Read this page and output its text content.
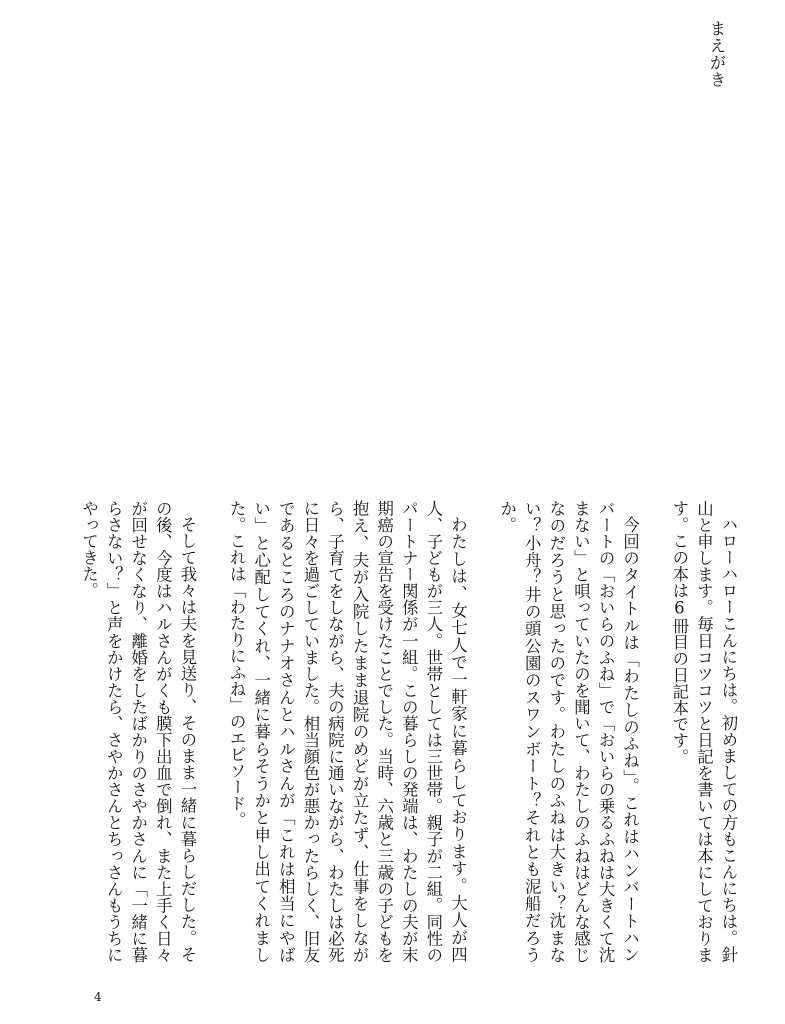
まえがき

ハローハローこんにちは。初めましての方もこんにちは。針

山と申します。毎日コツコツと日記を書いては本にしておりま

す。この本は6冊目の日記本です。

今回のタイトルは「わたしのふね」。これはハンバートハン

バートの「おいらのふね」で「おいらの乗るふねは大きくて沈

まない」と唄っていたのを聞いて、わたしのふねはどんな感じ

なのだろうと思ったのです。わたしのふねは大きい？沈まな

い？小舟？井の頭公園のスワンボート？それとも泥船だろう

か。

わたしは、女七人で一軒家に暮らしております。大人が四

人、子どもが三人。世帯としては三世帯。親子が二組。同性の

パートナー関係が一組。この暮らしの発端は、わたしの夫が末

期癌の宣告を受けたことでした。当時、六歳と三歳の子どもを

抱え、夫が入院したまま退院のめどが立たず、仕事をしなが

ら、子育てをしながら、夫の病院に通いながら、わたしは必死

に日々を過ごしていました。相当顔色が悪かったらしく、旧友

であるところのナナオさんとハルさんが「これは相当にやば

い」と心配してくれ、一緒に暮らそうかと申し出てくれまし

た。これは「わたりにふね」のエピソード。

そして我々は夫を見送り、そのまま一緒に暮らしだした。そ

の後、今度はハルさんがくも膜下出血で倒れ、また上手く日々

が回せなくなり、離婚をしたばかりのさやかさんに「一緒に暮

らさない？」と声をかけたら、さやかさんとちっさんもうちに

やってきた。

4
